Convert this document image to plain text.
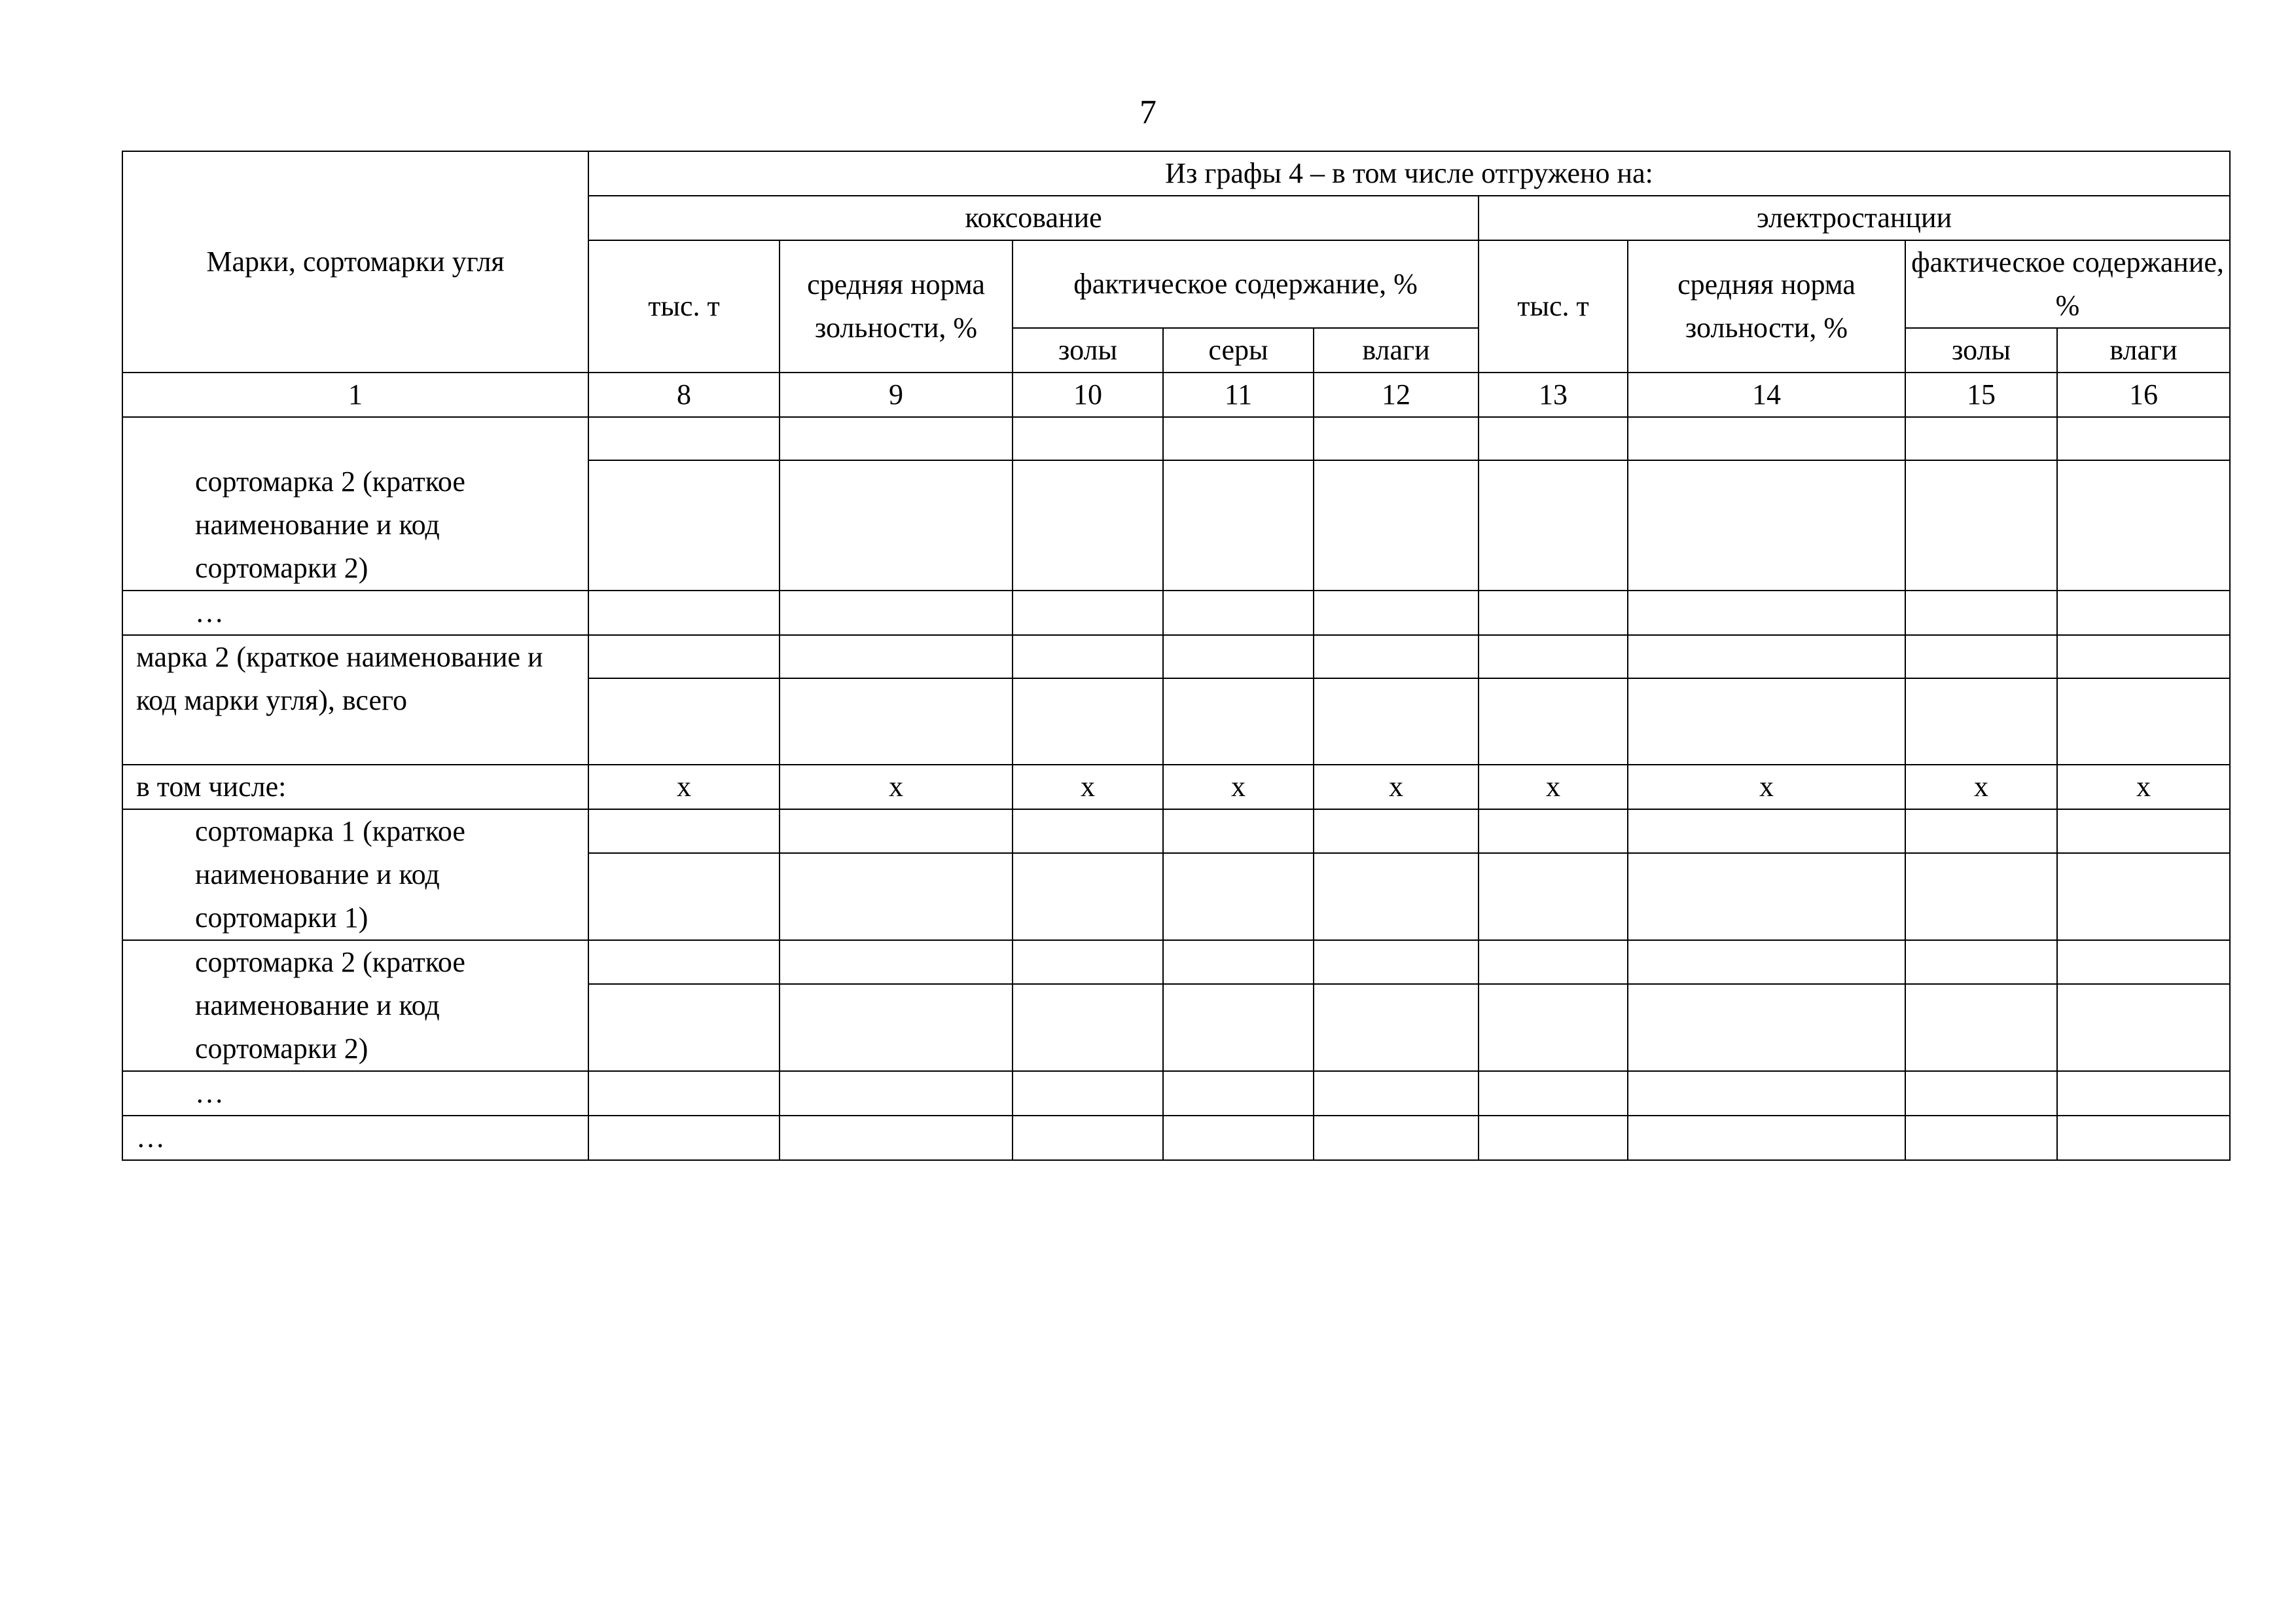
7
Марки, сортомарки угля	Из графы 4 – в том числе отгружено на:								
	коксование					электростанции			
	тыс. т	средняя норма зольности, %	фактическое содержание, %			тыс. т	средняя норма зольности, %	фактическое содержание, %	
			золы	серы	влаги			золы	влаги
1	8	9	10	11	12	13	14	15	16
сортомарка 2 (краткое наименование и код сортомарки 2)									

…									
марка 2 (краткое наименование и код марки угля), всего									

в том числе:	x	x	x	x	x	x	x	x	x
сортомарка 1 (краткое наименование и код сортомарки 1)									

сортомарка 2 (краткое наименование и код сортомарки 2)									

…									
…									
